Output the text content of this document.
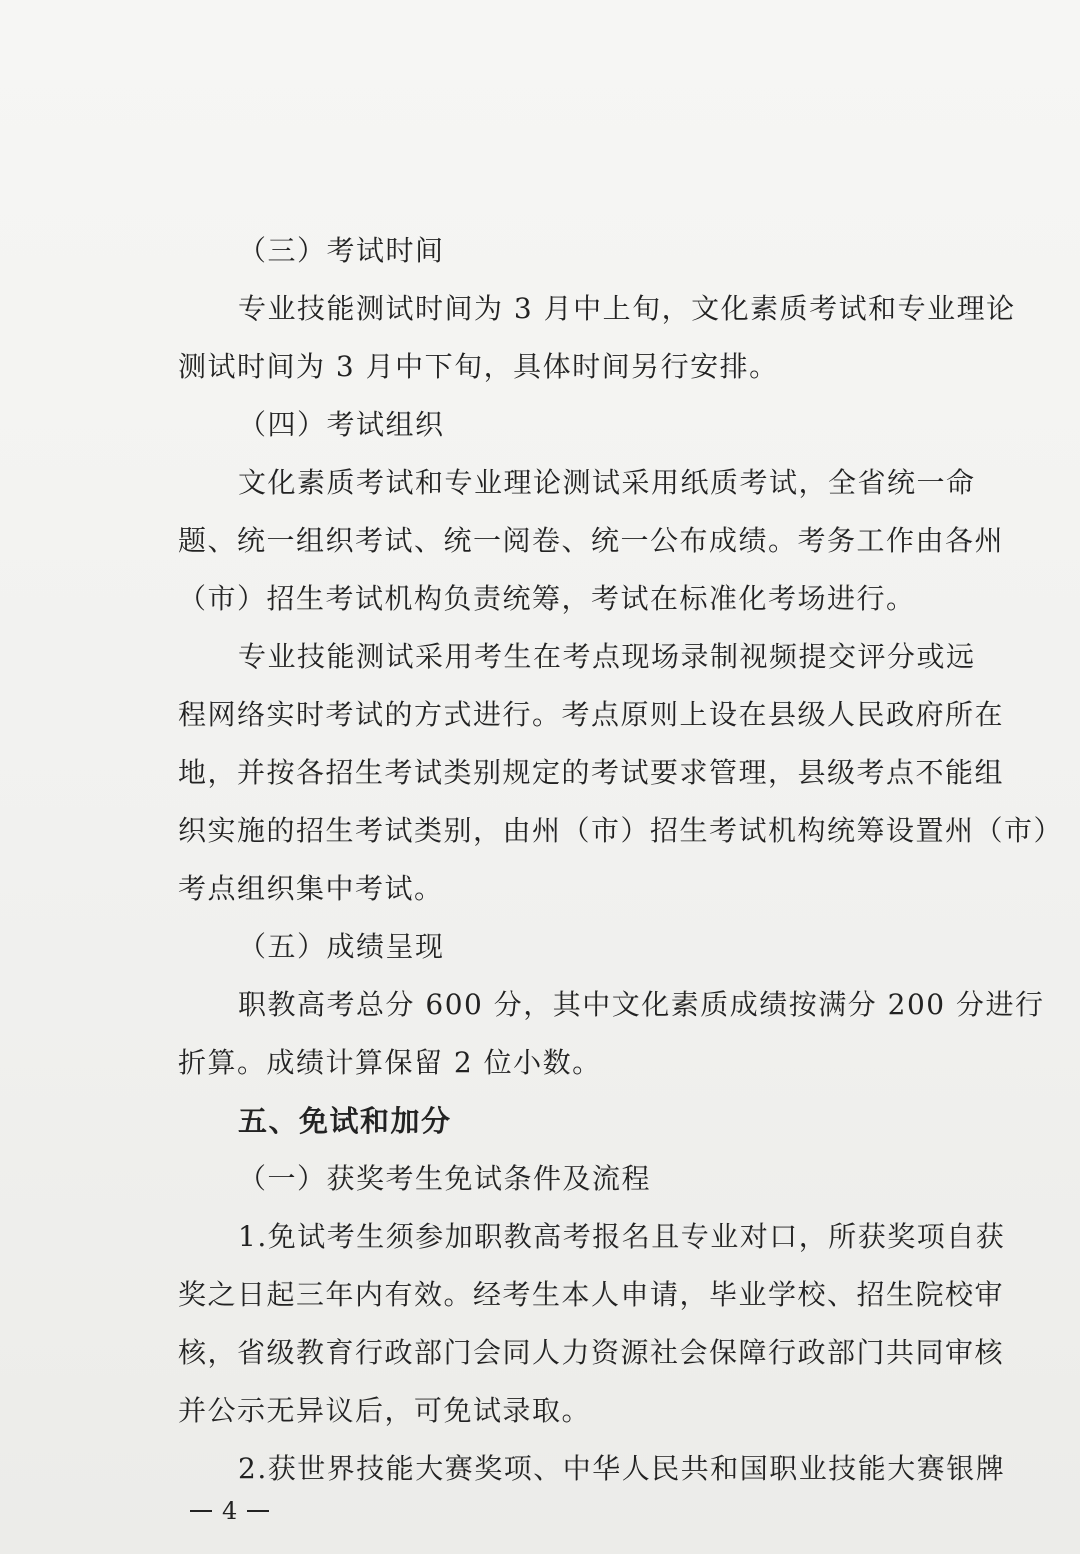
（三）考试时间
专业技能测试时间为 3 月中上旬，文化素质考试和专业理论
测试时间为 3 月中下旬，具体时间另行安排。
（四）考试组织
文化素质考试和专业理论测试采用纸质考试，全省统一命
题、统一组织考试、统一阅卷、统一公布成绩。考务工作由各州
（市）招生考试机构负责统筹，考试在标准化考场进行。
专业技能测试采用考生在考点现场录制视频提交评分或远
程网络实时考试的方式进行。考点原则上设在县级人民政府所在
地，并按各招生考试类别规定的考试要求管理，县级考点不能组
织实施的招生考试类别，由州（市）招生考试机构统筹设置州（市）
考点组织集中考试。
（五）成绩呈现
职教高考总分 600 分，其中文化素质成绩按满分 200 分进行
折算。成绩计算保留 2 位小数。
五、免试和加分
（一）获奖考生免试条件及流程
1.免试考生须参加职教高考报名且专业对口，所获奖项自获
奖之日起三年内有效。经考生本人申请，毕业学校、招生院校审
核，省级教育行政部门会同人力资源社会保障行政部门共同审核
并公示无异议后，可免试录取。
2.获世界技能大赛奖项、中华人民共和国职业技能大赛银牌
4
